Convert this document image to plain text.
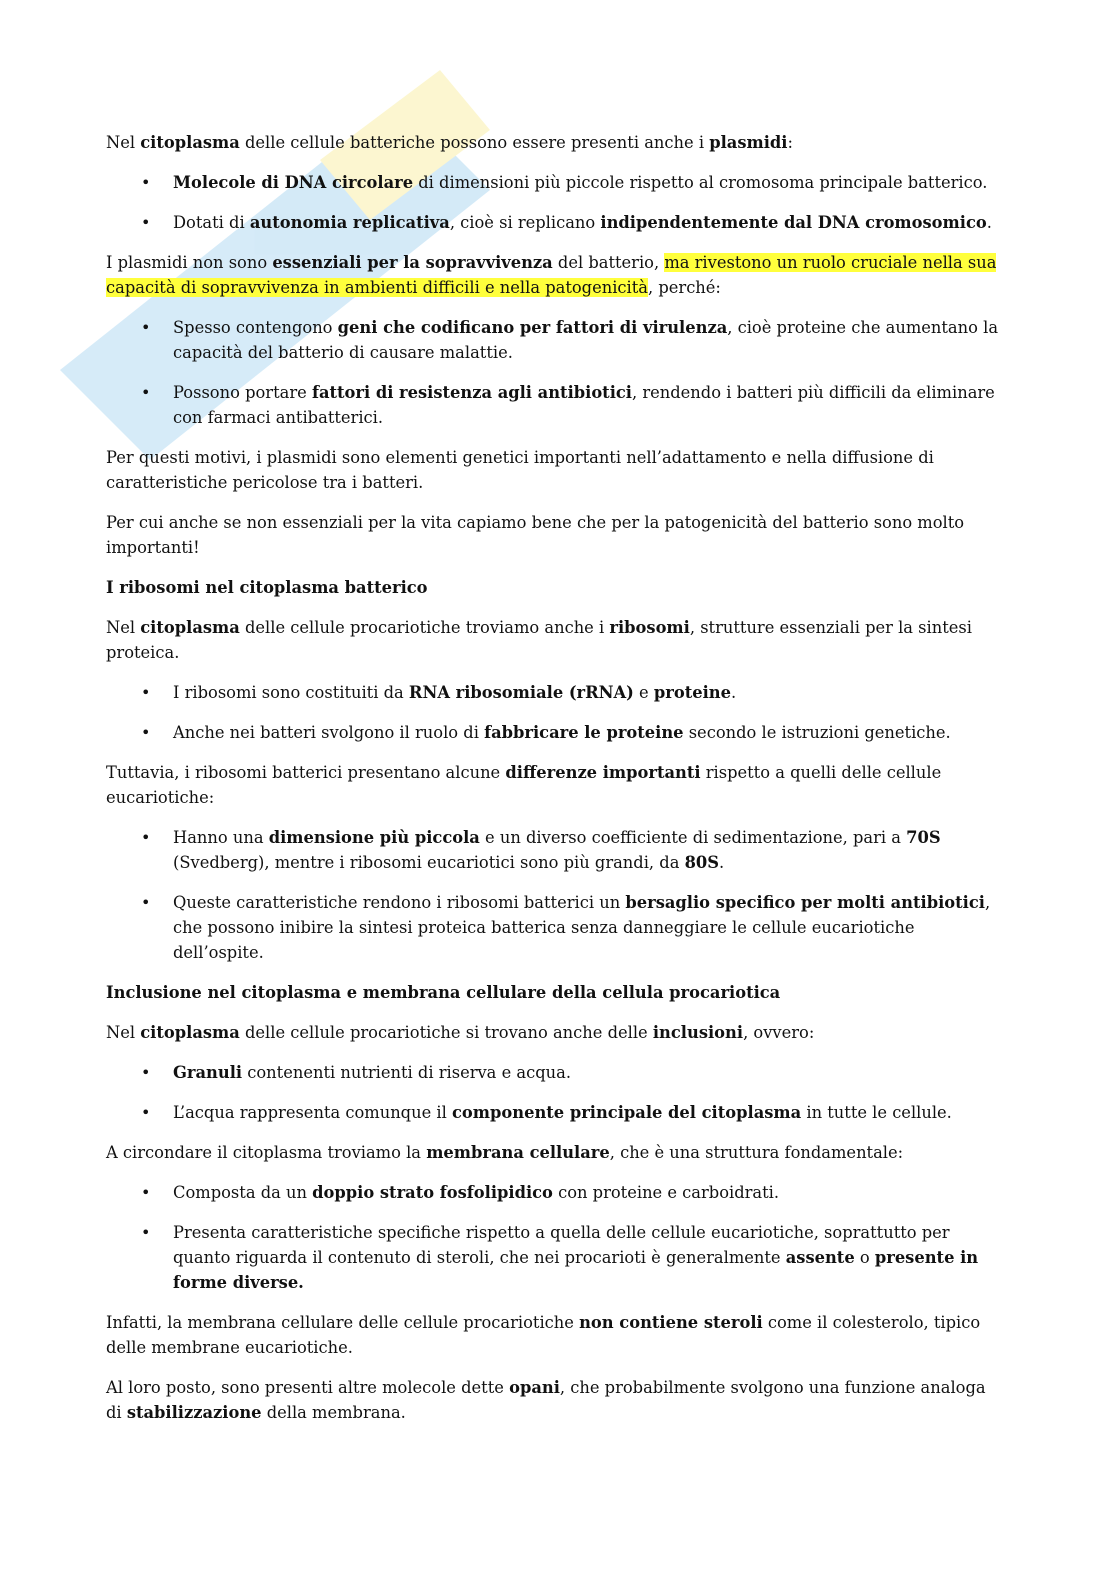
Nel citoplasma delle cellule batteriche possono essere presenti anche i plasmidi:

• Molecole di DNA circolare di dimensioni più piccole rispetto al cromosoma principale batterico.
• Dotati di autonomia replicativa, cioè si replicano indipendentemente dal DNA cromosomico.

I plasmidi non sono essenziali per la sopravvivenza del batterio, ma rivestono un ruolo cruciale nella sua capacità di sopravvivenza in ambienti difficili e nella patogenicità, perché:

• Spesso contengono geni che codificano per fattori di virulenza, cioè proteine che aumentano la capacità del batterio di causare malattie.
• Possono portare fattori di resistenza agli antibiotici, rendendo i batteri più difficili da eliminare con farmaci antibatterici.

Per questi motivi, i plasmidi sono elementi genetici importanti nell’adattamento e nella diffusione di caratteristiche pericolose tra i batteri.

Per cui anche se non essenziali per la vita capiamo bene che per la patogenicità del batterio sono molto importanti!

I ribosomi nel citoplasma batterico

Nel citoplasma delle cellule procariotiche troviamo anche i ribosomi, strutture essenziali per la sintesi proteica.

• I ribosomi sono costituiti da RNA ribosomiale (rRNA) e proteine.
• Anche nei batteri svolgono il ruolo di fabbricare le proteine secondo le istruzioni genetiche.

Tuttavia, i ribosomi batterici presentano alcune differenze importanti rispetto a quelli delle cellule eucariotiche:

• Hanno una dimensione più piccola e un diverso coefficiente di sedimentazione, pari a 70S (Svedberg), mentre i ribosomi eucariotici sono più grandi, da 80S.
• Queste caratteristiche rendono i ribosomi batterici un bersaglio specifico per molti antibiotici, che possono inibire la sintesi proteica batterica senza danneggiare le cellule eucariotiche dell’ospite.
Inclusione nel citoplasma e membrana cellulare della cellula procariotica

Nel citoplasma delle cellule procariotiche si trovano anche delle inclusioni, ovvero:

• Granuli contenenti nutrienti di riserva e acqua.
• L’acqua rappresenta comunque il componente principale del citoplasma in tutte le cellule.

A circondare il citoplasma troviamo la membrana cellulare, che è una struttura fondamentale:

• Composta da un doppio strato fosfolipidico con proteine e carboidrati.
• Presenta caratteristiche specifiche rispetto a quella delle cellule eucariotiche, soprattutto per quanto riguarda il contenuto di steroli, che nei procarioti è generalmente assente o presente in forme diverse.

Infatti, la membrana cellulare delle cellule procariotiche non contiene steroli come il colesterolo, tipico delle membrane eucariotiche.

Al loro posto, sono presenti altre molecole dette opani, che probabilmente svolgono una funzione analoga di stabilizzazione della membrana.
